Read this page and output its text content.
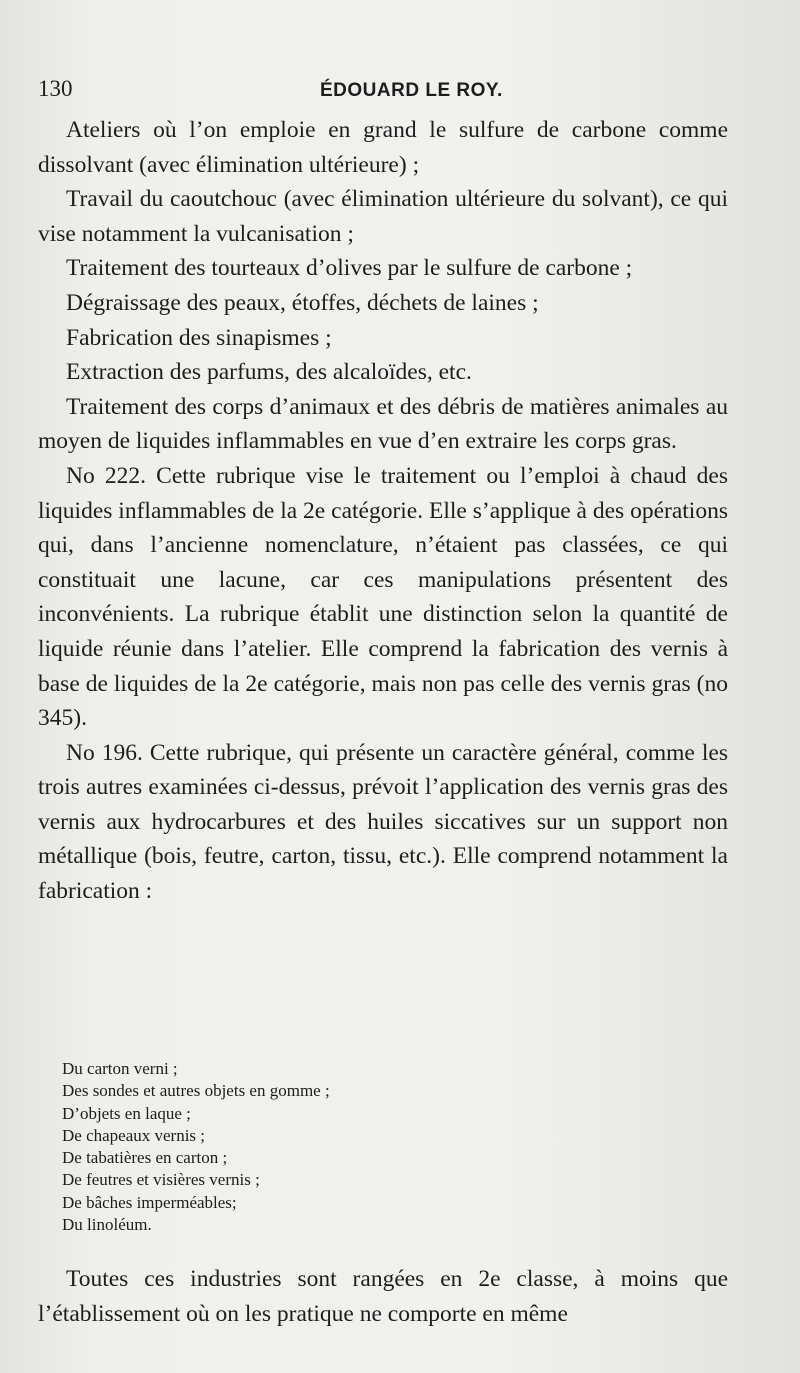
130	ÉDOUARD LE ROY.

Ateliers où l’on emploie en grand le sulfure de carbone comme dissolvant (avec élimination ultérieure) ;

Travail du caoutchouc (avec élimination ultérieure du solvant), ce qui vise notamment la vulcanisation ;

Traitement des tourteaux d’olives par le sulfure de carbone ;

Dégraissage des peaux, étoffes, déchets de laines ;

Fabrication des sinapismes ;

Extraction des parfums, des alcaloïdes, etc.

Traitement des corps d’animaux et des débris de matières animales au moyen de liquides inflammables en vue d’en extraire les corps gras.

No 222. Cette rubrique vise le traitement ou l’emploi à chaud des liquides inflammables de la 2e catégorie. Elle s’applique à des opérations qui, dans l’ancienne nomenclature, n’étaient pas classées, ce qui constituait une lacune, car ces manipulations présentent des inconvénients. La rubrique établit une distinction selon la quantité de liquide réunie dans l’atelier. Elle comprend la fabrication des vernis à base de liquides de la 2e catégorie, mais non pas celle des vernis gras (no 345).

No 196. Cette rubrique, qui présente un caractère général, comme les trois autres examinées ci-dessus, prévoit l’application des vernis gras des vernis aux hydrocarbures et des huiles siccatives sur un support non métallique (bois, feutre, carton, tissu, etc.). Elle comprend notamment la fabrication :

Du carton verni ;

Des sondes et autres objets en gomme ;

D’objets en laque ;

De chapeaux vernis ;

De tabatières en carton ;

De feutres et visières vernis ;

De bâches imperméables;

Du linoléum.

Toutes ces industries sont rangées en 2e classe, à moins que l’établissement où on les pratique ne comporte en même
